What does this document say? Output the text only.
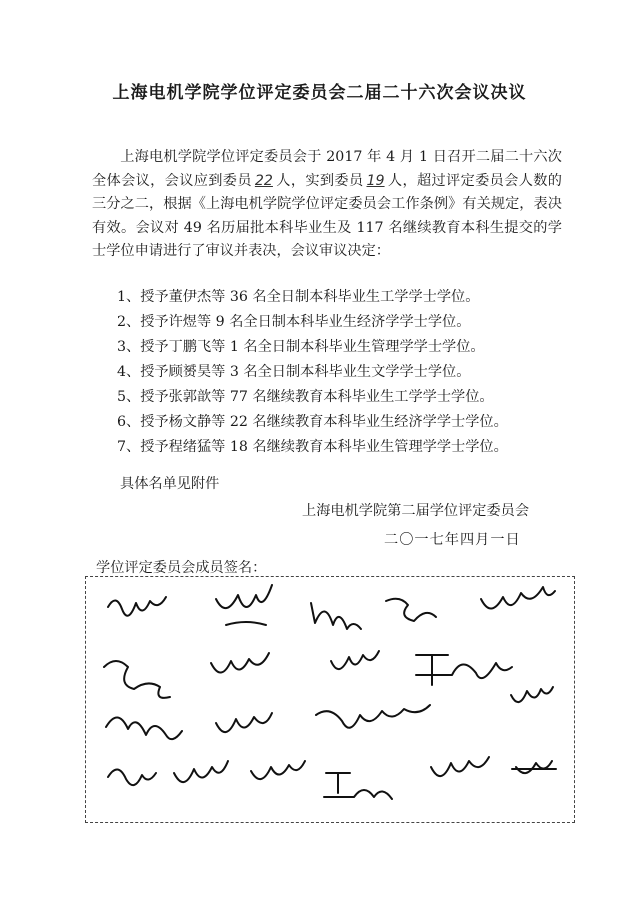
上海电机学院学位评定委员会二届二十六次会议决议
上海电机学院学位评定委员会于 2017 年 4 月 1 日召开二届二十六次全体会议，会议应到委员 22 人，实到委员 19 人，超过评定委员会人数的三分之二，根据《上海电机学院学位评定委员会工作条例》有关规定，表决有效。会议对 49 名历届批本科毕业生及 117 名继续教育本科生提交的学士学位申请进行了审议并表决，会议审议决定：
1、授予董伊杰等 36 名全日制本科毕业生工学学士学位。
2、授予许煜等 9 名全日制本科毕业生经济学学士学位。
3、授予丁鹏飞等 1 名全日制本科毕业生管理学学士学位。
4、授予顾赟昊等 3 名全日制本科毕业生文学学士学位。
5、授予张郭歆等 77 名继续教育本科毕业生工学学士学位。
6、授予杨文静等 22 名继续教育本科毕业生经济学学士学位。
7、授予程绪猛等 18 名继续教育本科毕业生管理学学士学位。
具体名单见附件
上海电机学院第二届学位评定委员会
二〇一七年四月一日
学位评定委员会成员签名：
